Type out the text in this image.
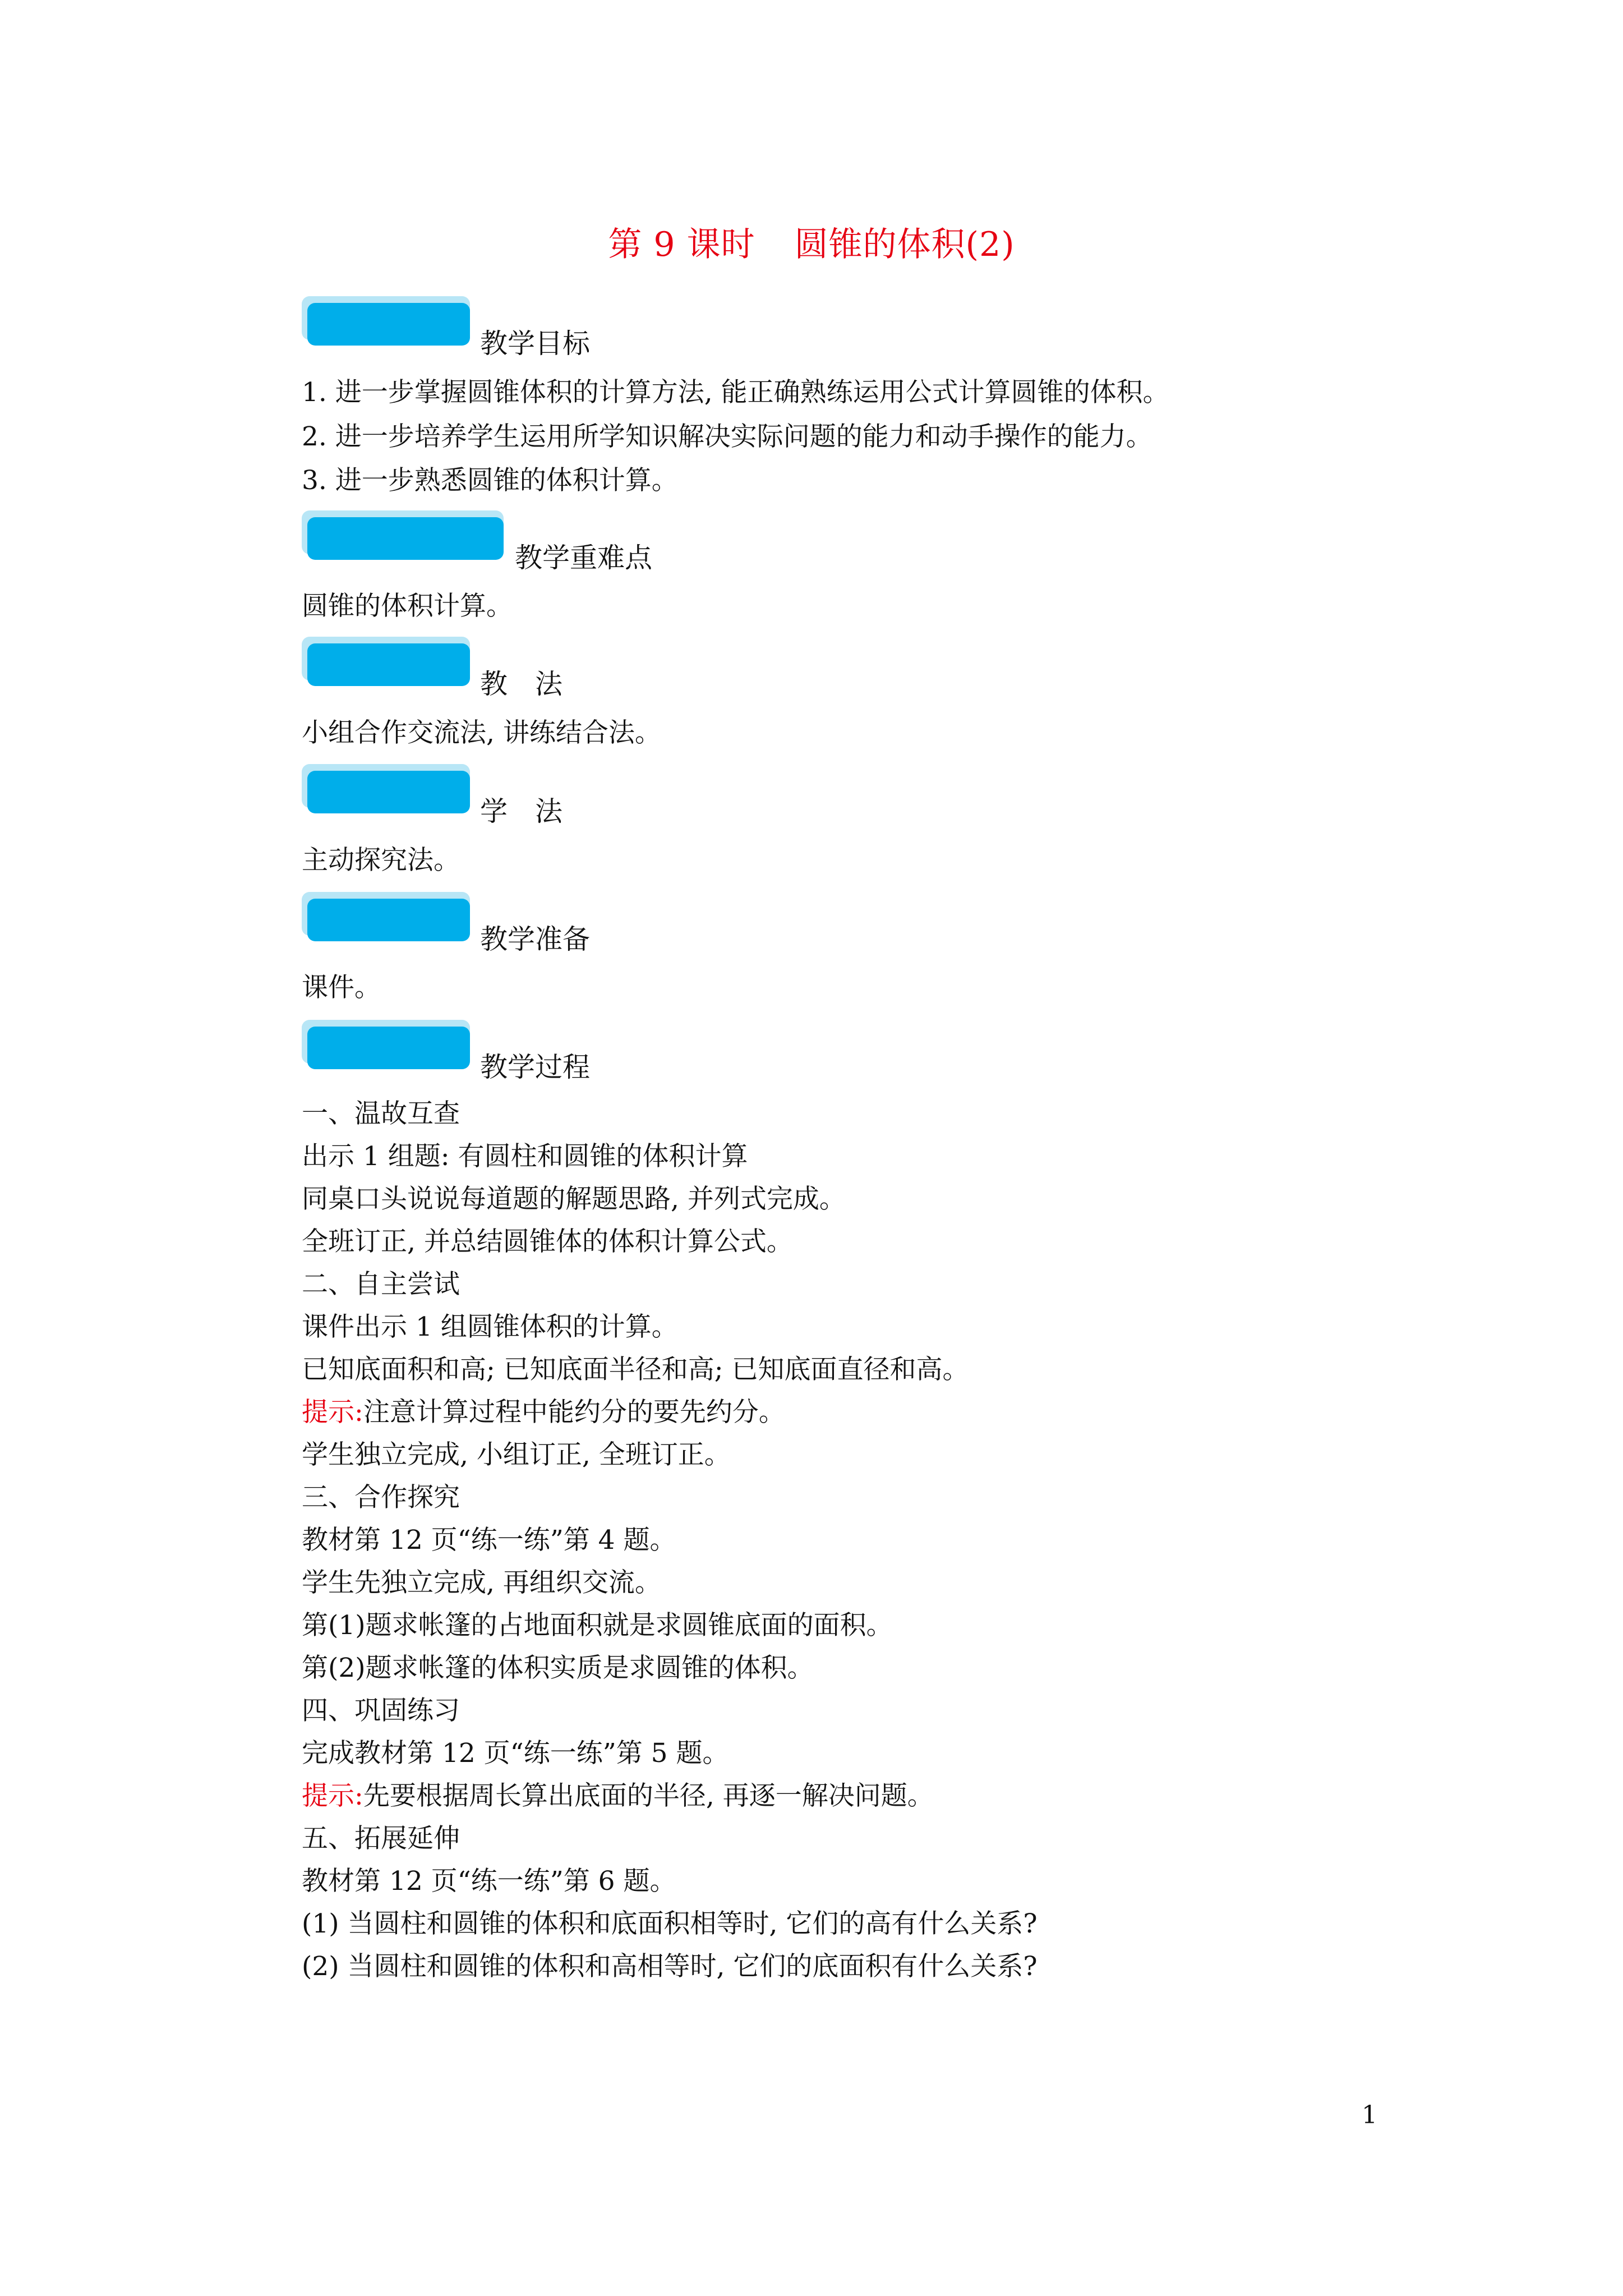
第 9 课时 圆锥的体积(2)
教学目标
1. 进一步掌握圆锥体积的计算方法, 能正确熟练运用公式计算圆锥的体积。
2. 进一步培养学生运用所学知识解决实际问题的能力和动手操作的能力。
3. 进一步熟悉圆锥的体积计算。
教学重难点
圆锥的体积计算。
教　法
小组合作交流法, 讲练结合法。
学　法
主动探究法。
教学准备
课件。
教学过程
一、温故互查
出示 1 组题: 有圆柱和圆锥的体积计算
同桌口头说说每道题的解题思路, 并列式完成。
全班订正, 并总结圆锥体的体积计算公式。
二、自主尝试
课件出示 1 组圆锥体积的计算。
已知底面积和高; 已知底面半径和高; 已知底面直径和高。
提示:注意计算过程中能约分的要先约分。
学生独立完成, 小组订正, 全班订正。
三、合作探究
教材第 12 页“练一练”第 4 题。
学生先独立完成, 再组织交流。
第(1)题求帐篷的占地面积就是求圆锥底面的面积。
第(2)题求帐篷的体积实质是求圆锥的体积。
四、巩固练习
完成教材第 12 页“练一练”第 5 题。
提示:先要根据周长算出底面的半径, 再逐一解决问题。
五、拓展延伸
教材第 12 页“练一练”第 6 题。
(1) 当圆柱和圆锥的体积和底面积相等时, 它们的高有什么关系?
(2) 当圆柱和圆锥的体积和高相等时, 它们的底面积有什么关系?
1
